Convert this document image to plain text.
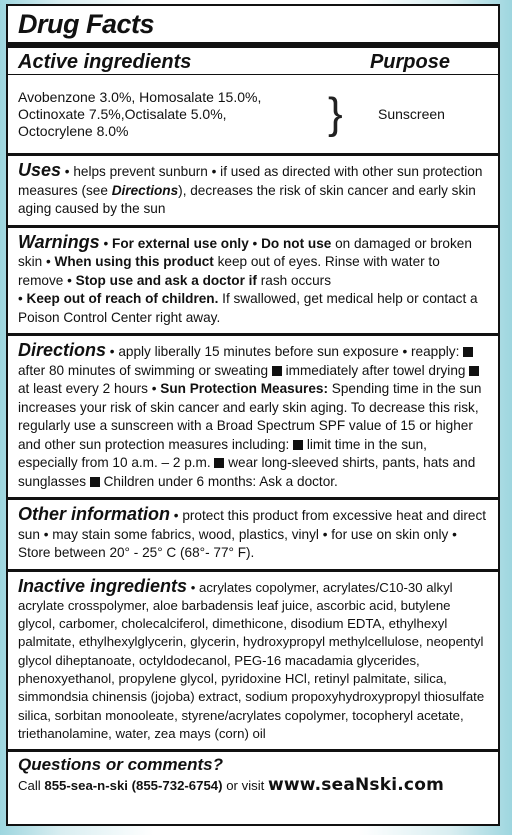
Drug Facts
Active ingredients	Purpose
Avobenzone 3.0%, Homosalate 15.0%,
Octinoxate 7.5%,Octisalate 5.0%,
Octocrylene 8.0%	}	Sunscreen
Uses • helps prevent sunburn • if used as directed with other sun protection measures (see Directions), decreases the risk of skin cancer and early skin aging caused by the sun
Warnings • For external use only • Do not use on damaged or broken skin • When using this product keep out of eyes. Rinse with water to remove • Stop use and ask a doctor if rash occurs
• Keep out of reach of children. If swallowed, get medical help or contact a Poison Control Center right away.
Directions • apply liberally 15 minutes before sun exposure • reapply:  after 80 minutes of swimming or sweating  immediately after towel drying  at least every 2 hours • Sun Protection Measures: Spending time in the sun increases your risk of skin cancer and early skin aging. To decrease this risk, regularly use a sunscreen with a Broad Spectrum SPF value of 15 or higher and other sun protection measures including:  limit time in the sun, especially from 10 a.m. – 2 p.m.  wear long-sleeved shirts, pants, hats and sunglasses  Children under 6 months: Ask a doctor.
Other information • protect this product from excessive heat and direct sun • may stain some fabrics, wood, plastics, vinyl • for use on skin only • Store between 20° - 25° C (68°- 77° F).
Inactive ingredients • acrylates copolymer, acrylates/C10-30 alkyl acrylate crosspolymer, aloe barbadensis leaf juice, ascorbic acid, butylene glycol, carbomer, cholecalciferol, dimethicone, disodium EDTA, ethylhexyl palmitate, ethylhexylglycerin, glycerin, hydroxypropyl methylcellulose, neopentyl glycol diheptanoate, octyldodecanol, PEG-16 macadamia glycerides, phenoxyethanol, propylene glycol, pyridoxine HCl, retinyl palmitate, silica, simmondsia chinensis (jojoba) extract, sodium propoxyhydroxypropyl thiosulfate silica, sorbitan monooleate, styrene/acrylates copolymer, tocopheryl acetate, triethanolamine, water, zea mays (corn) oil
Questions or comments?
Call 855-sea-n-ski (855-732-6754) or visit www.seaNski.com
